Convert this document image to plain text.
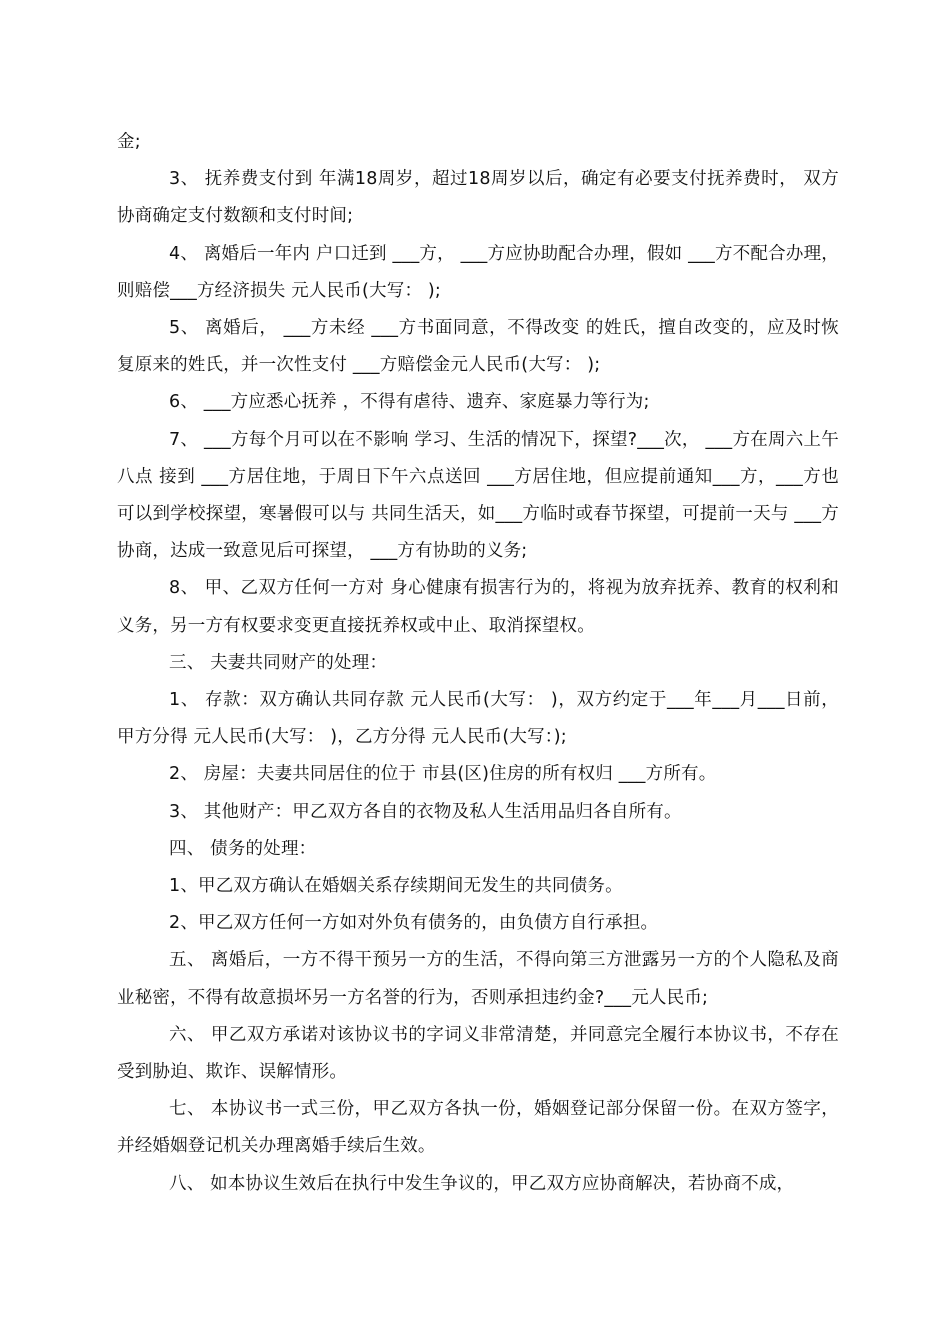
金;

3、 抚养费支付到 年满18周岁，超过18周岁以后，确定有必要支付抚养费时， 双方协商确定支付数额和支付时间;

4、 离婚后一年内 户口迁到 ___方， ___方应协助配合办理，假如 ___方不配合办理，则赔偿___方经济损失 元人民币(大写： );

5、 离婚后， ___方未经 ___方书面同意，不得改变 的姓氏，擅自改变的，应及时恢复原来的姓氏，并一次性支付 ___方赔偿金元人民币(大写： );

6、 ___方应悉心抚养 ，不得有虐待、遗弃、家庭暴力等行为;

7、 ___方每个月可以在不影响 学习、生活的情况下，探望?___次， ___方在周六上午八点 接到 ___方居住地，于周日下午六点送回 ___方居住地，但应提前通知___方，___方也可以到学校探望，寒暑假可以与 共同生活天，如___方临时或春节探望，可提前一天与 ___方协商，达成一致意见后可探望， ___方有协助的义务;

8、 甲、乙双方任何一方对 身心健康有损害行为的，将视为放弃抚养、教育的权利和义务，另一方有权要求变更直接抚养权或中止、取消探望权。

三、 夫妻共同财产的处理：

1、 存款：双方确认共同存款 元人民币(大写： )，双方约定于___年___月___日前，甲方分得 元人民币(大写： )，乙方分得 元人民币(大写：);

2、 房屋：夫妻共同居住的位于 市县(区)住房的所有权归 ___方所有。

3、 其他财产：甲乙双方各自的衣物及私人生活用品归各自所有。

四、 债务的处理：

1、甲乙双方确认在婚姻关系存续期间无发生的共同债务。

2、甲乙双方任何一方如对外负有债务的，由负债方自行承担。

五、 离婚后，一方不得干预另一方的生活，不得向第三方泄露另一方的个人隐私及商业秘密，不得有故意损坏另一方名誉的行为，否则承担违约金?___元人民币;

六、 甲乙双方承诺对该协议书的字词义非常清楚，并同意完全履行本协议书，不存在受到胁迫、欺诈、误解情形。

七、 本协议书一式三份，甲乙双方各执一份，婚姻登记部分保留一份。在双方签字，并经婚姻登记机关办理离婚手续后生效。

八、 如本协议生效后在执行中发生争议的，甲乙双方应协商解决，若协商不成，
